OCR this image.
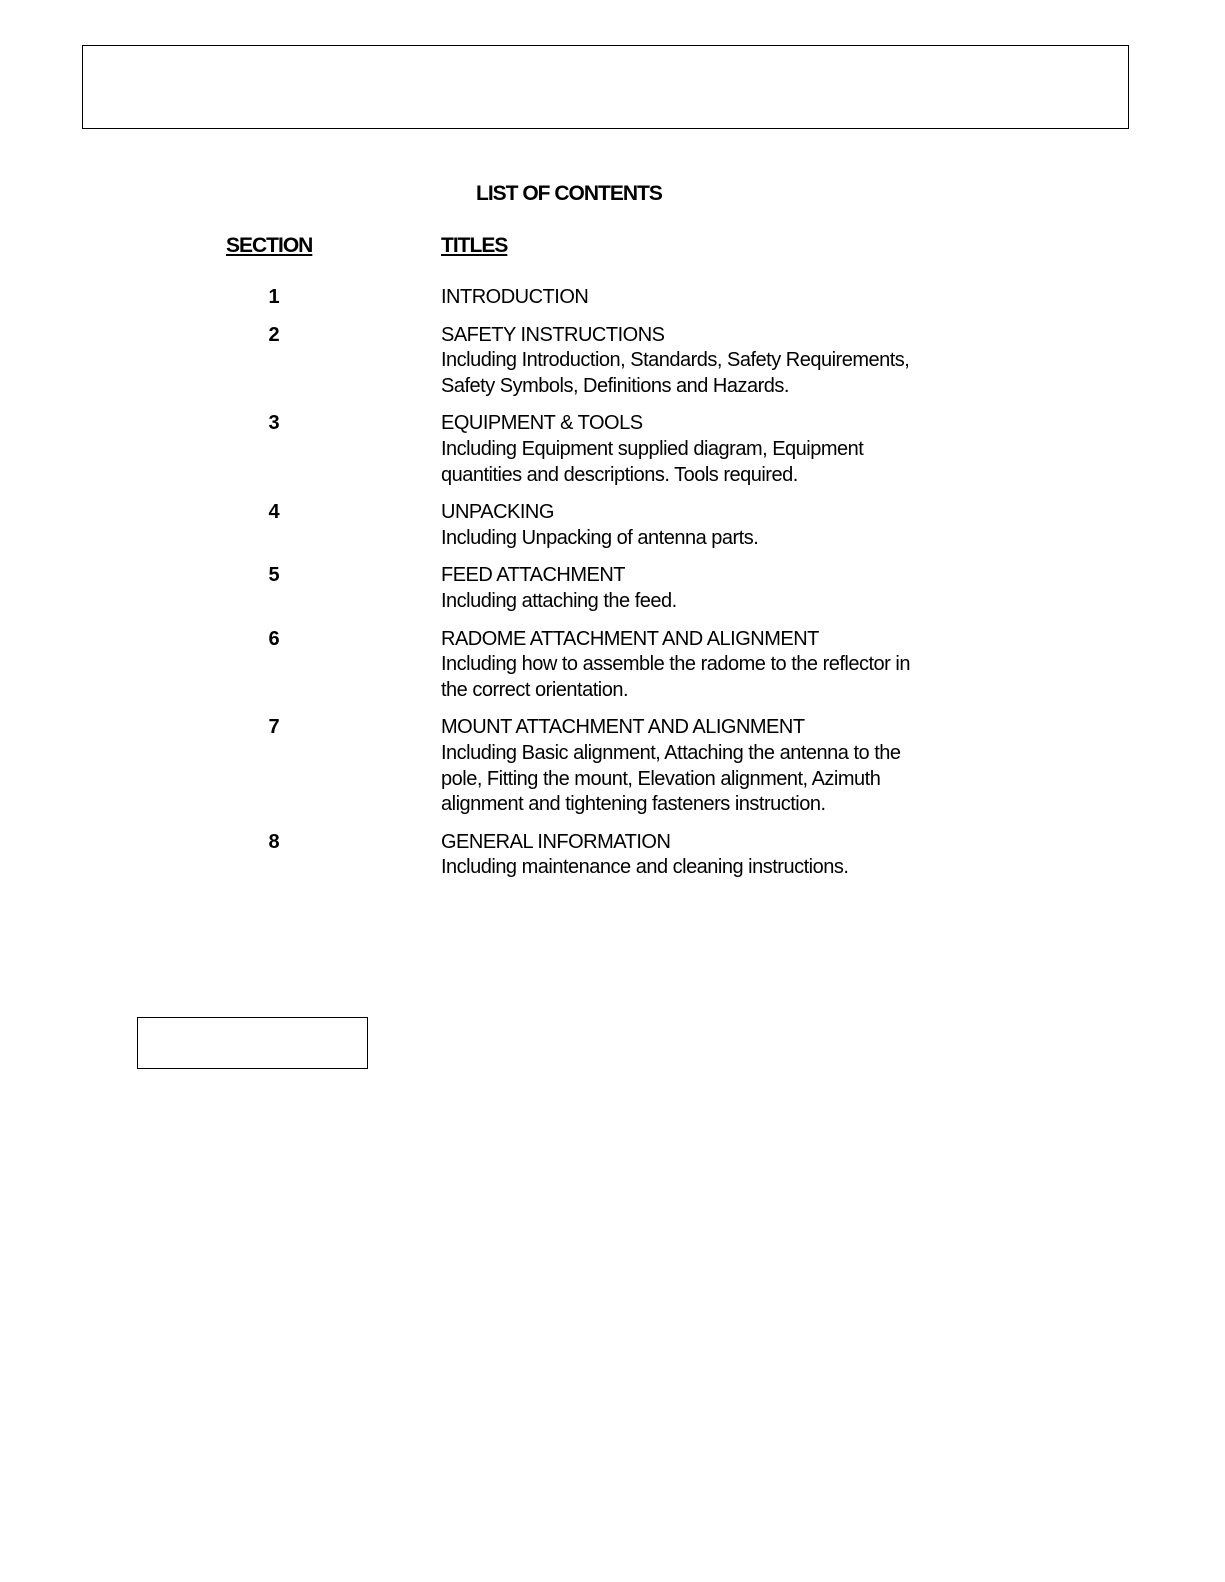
LIST OF CONTENTS
SECTION	TITLES
1	INTRODUCTION
2	SAFETY INSTRUCTIONS
Including Introduction, Standards, Safety Requirements, Safety Symbols, Definitions and Hazards.
3	EQUIPMENT & TOOLS
Including Equipment supplied diagram, Equipment quantities and descriptions. Tools required.
4	UNPACKING
Including Unpacking of antenna parts.
5	FEED ATTACHMENT
Including attaching the feed.
6	RADOME ATTACHMENT AND ALIGNMENT
Including how to assemble the radome to the reflector in the correct orientation.
7	MOUNT ATTACHMENT AND ALIGNMENT
Including Basic alignment, Attaching the antenna to the pole, Fitting the mount, Elevation alignment, Azimuth alignment and tightening fasteners instruction.
8	GENERAL INFORMATION
Including maintenance and cleaning instructions.
